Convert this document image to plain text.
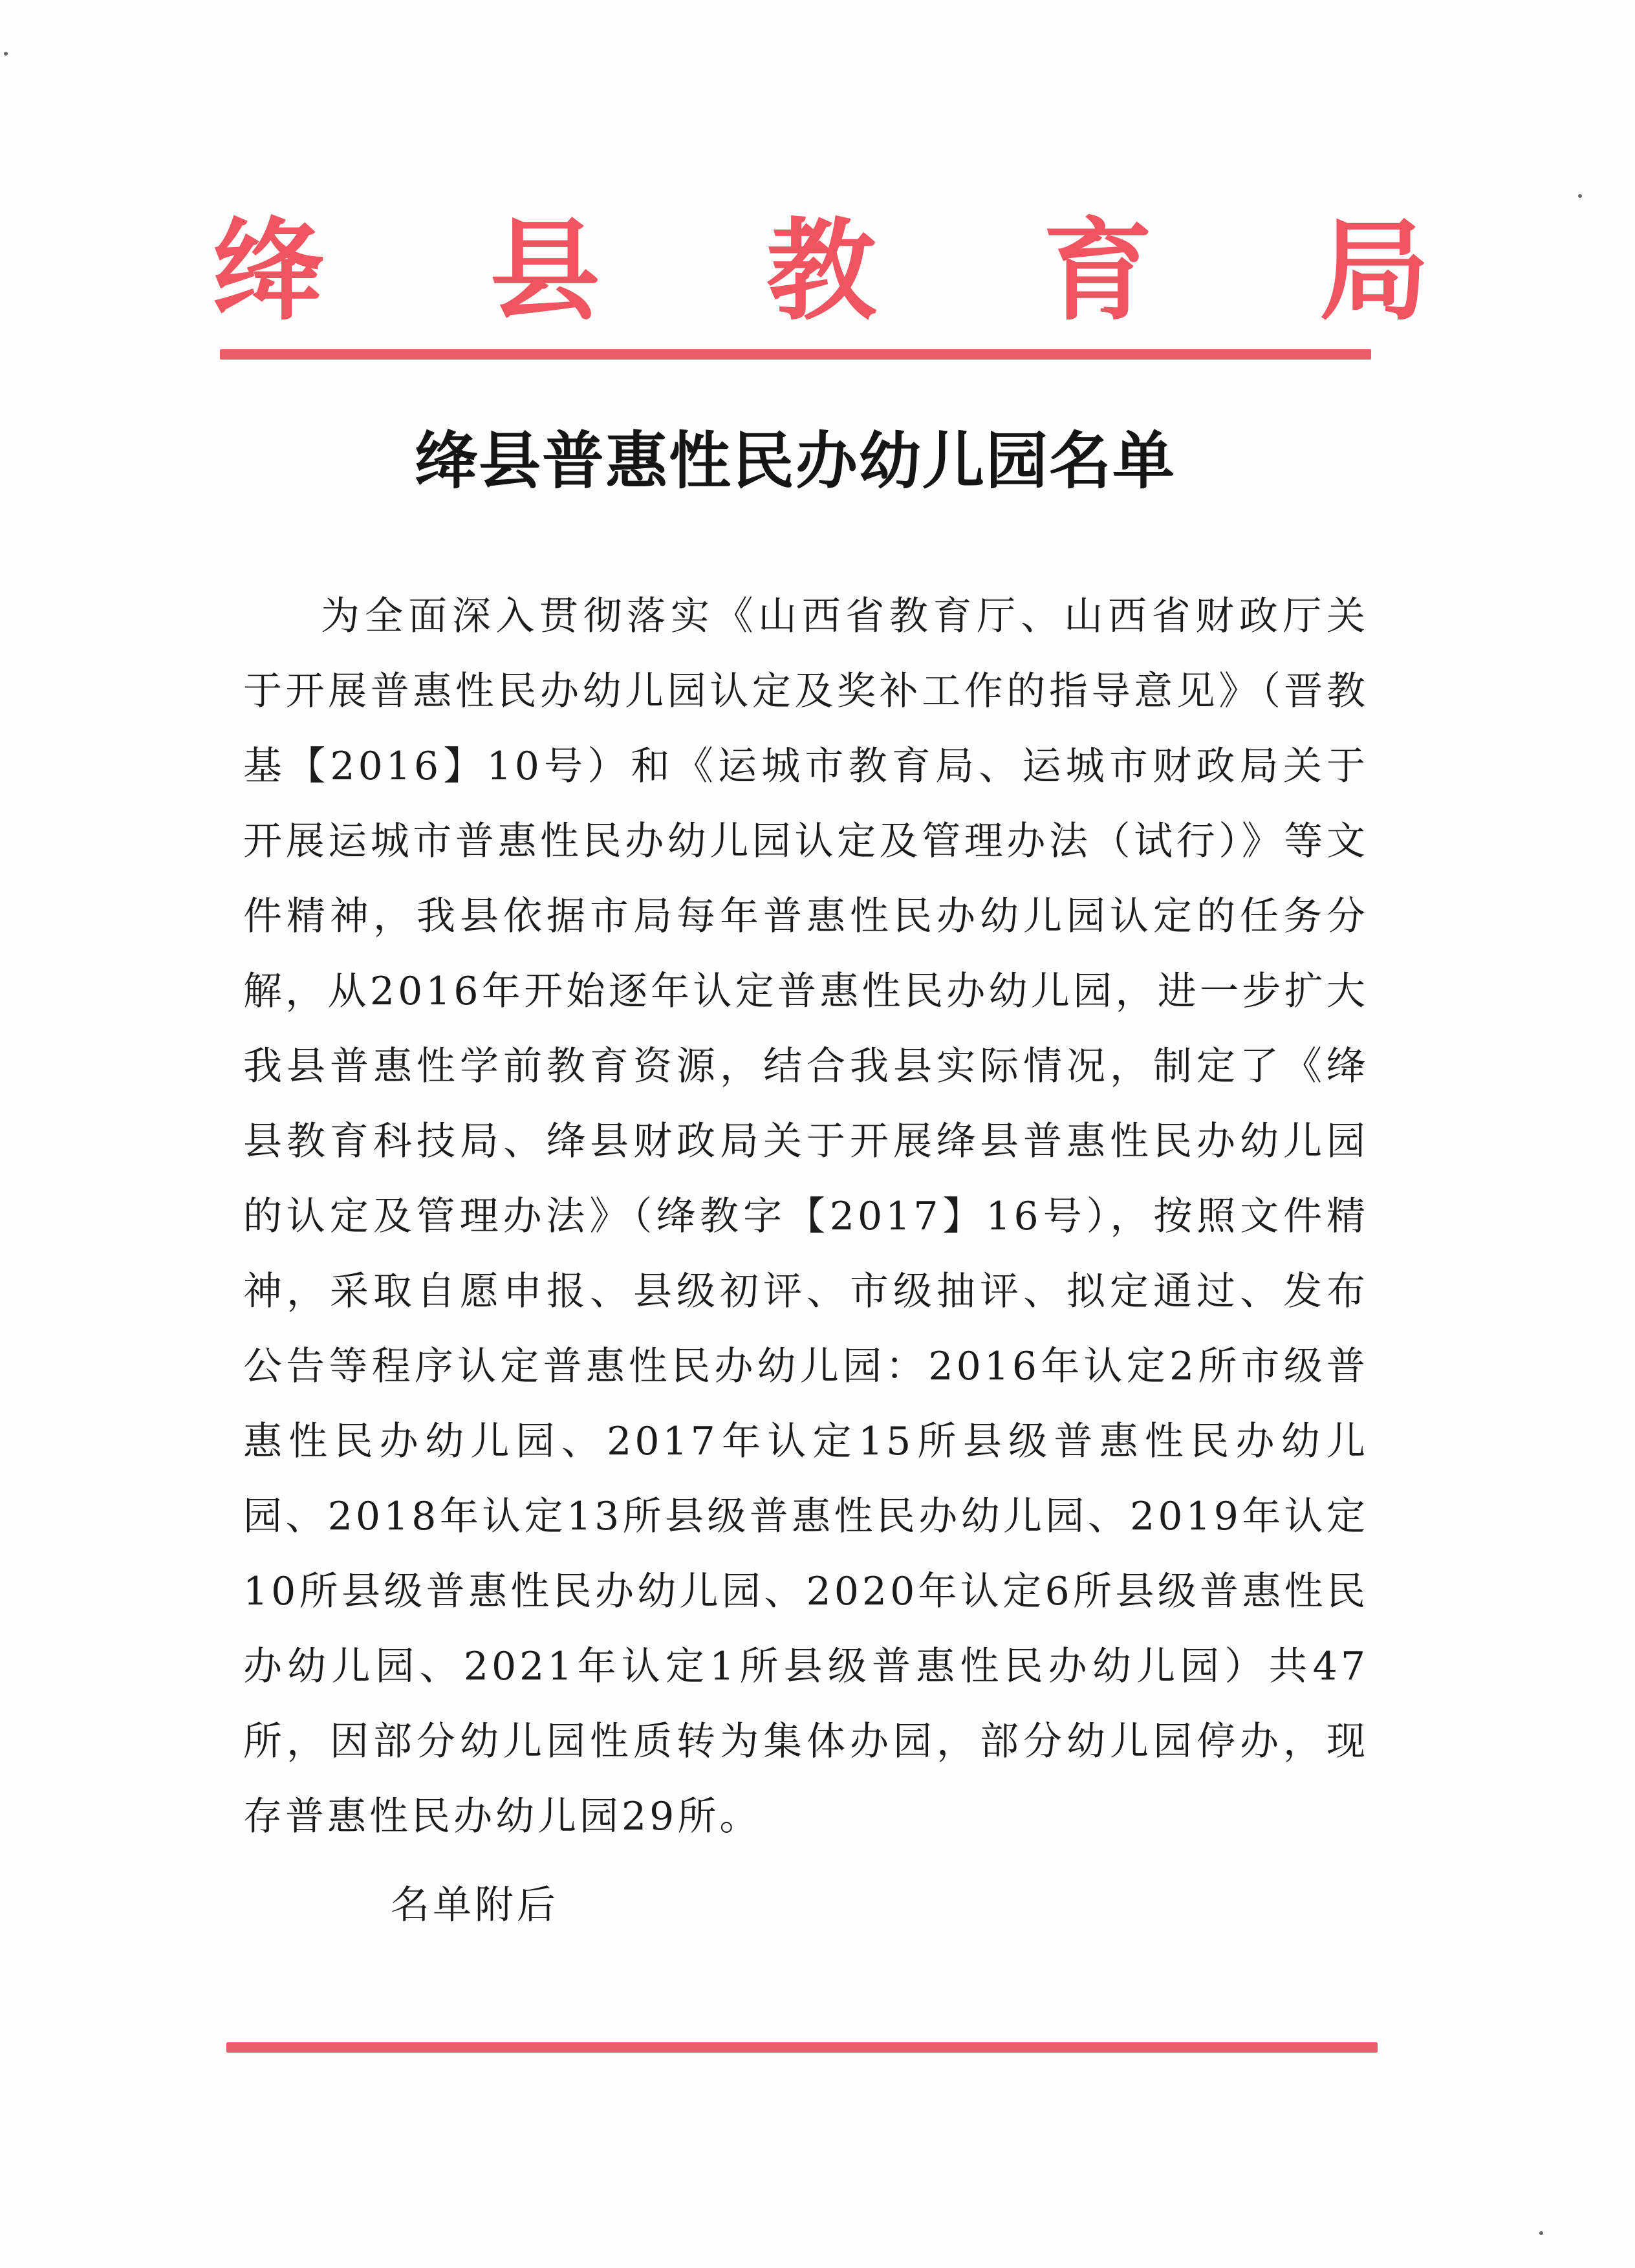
绛 县 教 育 局
绛县普惠性民办幼儿园名单

为全面深入贯彻落实《山西省教育厅、山西省财政厅关于开展普惠性民办幼儿园认定及奖补工作的指导意见》（晋教基【2016】10号）和《运城市教育局、运城市财政局关于开展运城市普惠性民办幼儿园认定及管理办法（试行）》等文件精神，我县依据市局每年普惠性民办幼儿园认定的任务分解，从2016年开始逐年认定普惠性民办幼儿园，进一步扩大我县普惠性学前教育资源，结合我县实际情况，制定了《绛县教育科技局、绛县财政局关于开展绛县普惠性民办幼儿园的认定及管理办法》（绛教字【2017】16号），按照文件精神，采取自愿申报、县级初评、市级抽评、拟定通过、发布公告等程序认定普惠性民办幼儿园：2016年认定2所市级普惠性民办幼儿园、2017年认定15所县级普惠性民办幼儿园、2018年认定13所县级普惠性民办幼儿园、2019年认定10所县级普惠性民办幼儿园、2020年认定6所县级普惠性民办幼儿园、2021年认定1所县级普惠性民办幼儿园）共47所，因部分幼儿园性质转为集体办园，部分幼儿园停办，现存普惠性民办幼儿园29所。

名单附后
